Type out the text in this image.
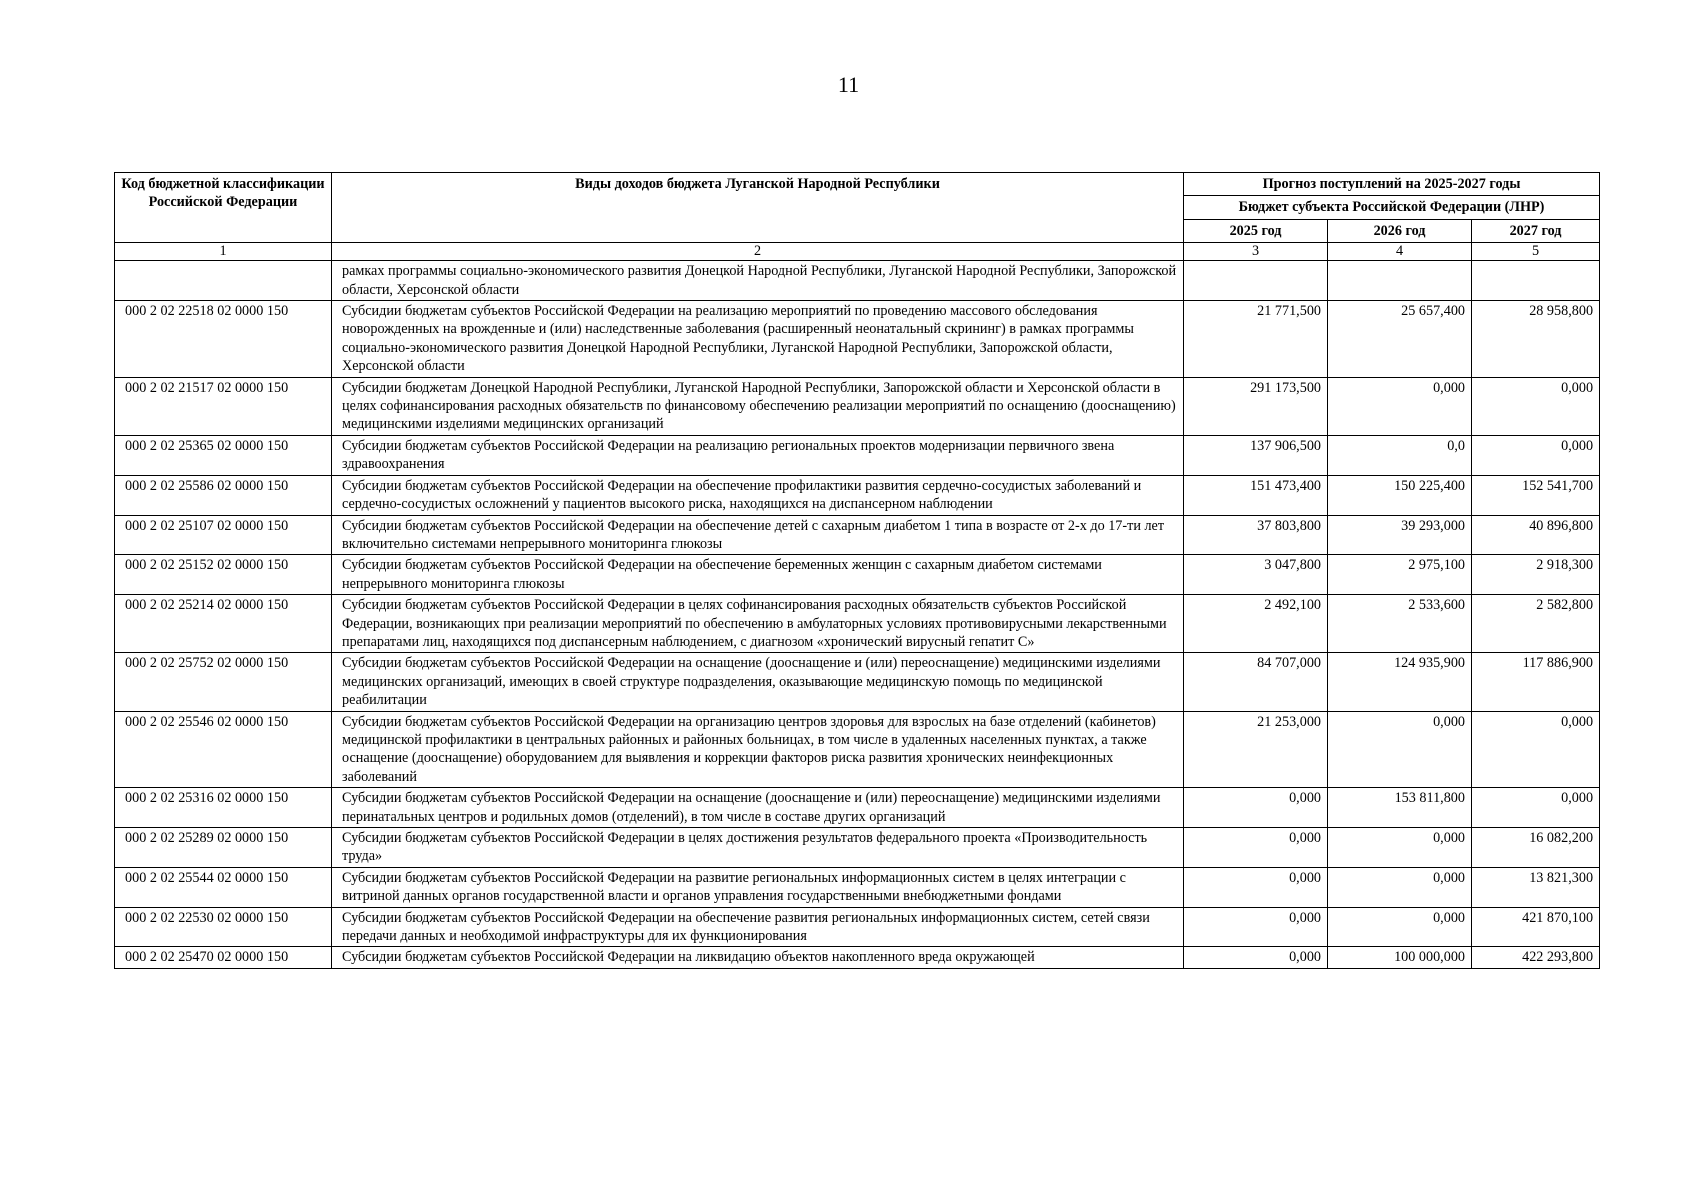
11
Код бюджетной классификации Российской Федерации	Виды доходов бюджета Луганской Народной Республики	Прогноз поступлений на 2025-2027 годы		
		Бюджет субъекта Российской Федерации (ЛНР)		
		2025 год	2026 год	2027 год
1	2	3	4	5
	рамках программы социально-экономического развития Донецкой Народной Республики, Луганской Народной Республики, Запорожской области, Херсонской области			
000 2 02 22518 02 0000 150	Субсидии бюджетам субъектов Российской Федерации на реализацию мероприятий по проведению массового обследования новорожденных на врожденные и (или) наследственные заболевания (расширенный неонатальный скрининг) в рамках программы социально-экономического развития Донецкой Народной Республики, Луганской Народной Республики, Запорожской области, Херсонской области	21 771,500	25 657,400	28 958,800
000 2 02 21517 02 0000 150	Субсидии бюджетам Донецкой Народной Республики, Луганской Народной Республики, Запорожской области и Херсонской области в целях софинансирования расходных обязательств по финансовому обеспечению реализации мероприятий по оснащению (дооснащению) медицинскими изделиями медицинских организаций	291 173,500	0,000	0,000
000 2 02 25365 02 0000 150	Субсидии бюджетам субъектов Российской Федерации на реализацию региональных проектов модернизации первичного звена здравоохранения	137 906,500	0,0	0,000
000 2 02 25586 02 0000 150	Субсидии бюджетам субъектов Российской Федерации на обеспечение профилактики развития сердечно-сосудистых заболеваний и сердечно-сосудистых осложнений у пациентов высокого риска, находящихся на диспансерном наблюдении	151 473,400	150 225,400	152 541,700
000 2 02 25107 02 0000 150	Субсидии бюджетам субъектов Российской Федерации на обеспечение детей с сахарным диабетом 1 типа в возрасте от 2-х до 17-ти лет включительно системами непрерывного мониторинга глюкозы	37 803,800	39 293,000	40 896,800
000 2 02 25152 02 0000 150	Субсидии бюджетам субъектов Российской Федерации на обеспечение беременных женщин с сахарным диабетом системами непрерывного мониторинга глюкозы	3 047,800	2 975,100	2 918,300
000 2 02 25214 02 0000 150	Субсидии бюджетам субъектов Российской Федерации в целях софинансирования расходных обязательств субъектов Российской Федерации, возникающих при реализации мероприятий по обеспечению в амбулаторных условиях противовирусными лекарственными препаратами лиц, находящихся под диспансерным наблюдением, с диагнозом «хронический вирусный гепатит С»	2 492,100	2 533,600	2 582,800
000 2 02 25752 02 0000 150	Субсидии бюджетам субъектов Российской Федерации на оснащение (дооснащение и (или) переоснащение) медицинскими изделиями медицинских организаций, имеющих в своей структуре подразделения, оказывающие медицинскую помощь по медицинской реабилитации	84 707,000	124 935,900	117 886,900
000 2 02 25546 02 0000 150	Субсидии бюджетам субъектов Российской Федерации на организацию центров здоровья для взрослых на базе отделений (кабинетов) медицинской профилактики в центральных районных и районных больницах, в том числе в удаленных населенных пунктах, а также оснащение (дооснащение) оборудованием для выявления и коррекции факторов риска развития хронических неинфекционных заболеваний	21 253,000	0,000	0,000
000 2 02 25316 02 0000 150	Субсидии бюджетам субъектов Российской Федерации на оснащение (дооснащение и (или) переоснащение) медицинскими изделиями перинатальных центров и родильных домов (отделений), в том числе в составе других организаций	0,000	153 811,800	0,000
000 2 02 25289 02 0000 150	Субсидии бюджетам субъектов Российской Федерации в целях достижения результатов федерального проекта «Производительность труда»	0,000	0,000	16 082,200
000 2 02 25544 02 0000 150	Субсидии бюджетам субъектов Российской Федерации на развитие региональных информационных систем в целях интеграции с витриной данных органов государственной власти и органов управления государственными внебюджетными фондами	0,000	0,000	13 821,300
000 2 02 22530 02 0000 150	Субсидии бюджетам субъектов Российской Федерации на обеспечение развития региональных информационных систем, сетей связи передачи данных и необходимой инфраструктуры для их функционирования	0,000	0,000	421 870,100
000 2 02 25470 02 0000 150	Субсидии бюджетам субъектов Российской Федерации на ликвидацию объектов накопленного вреда окружающей	0,000	100 000,000	422 293,800
